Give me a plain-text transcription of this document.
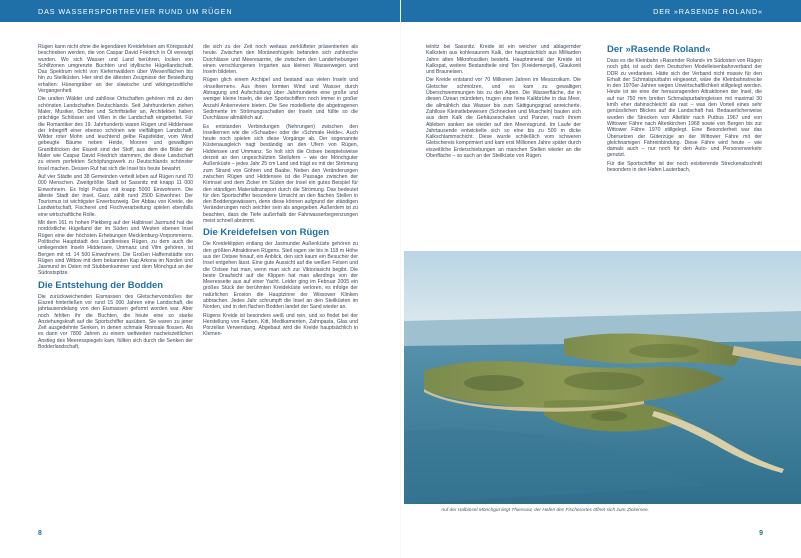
DAS WASSERSPORTREVIER RUND UM RÜGEN

Rügen kann nicht ohne die legendären Kreidefelsen am Königsstuhl beschrieben werden, die von Caspar David Friedrich in Öl verewigt wurden. Wo sich Wasser und Land berühren, locken von Schilfzonen umgrenzte Buchten und idyllische Hügellandschaft. Das Spektrum reicht von Kiefernwäldern über Wiesenflächen bis hin zu Steilküsten. Hier sind die ältesten Zeugnisse der Besiedlung erhalten: Hünengräber an der slawische und wikingerzeitliche Vergangenheit.

Die uralten Wälder und zahllose Ortschaften gehören mit zu den schönsten Landschaften Deutschlands. Seit Jahrhunderten ziehen Maler, Musiker, Dichter und Schriftsteller an, Architekten haben prächtige Schlösser und Villen in die Landschaft eingebettet. Für die Romantiker des 19. Jahrhunderts waren Rügen und Hiddensee der Inbegriff einer ebenso schönen wie vielfältigen Landschaft. Wilder roter Mohn und leuchtend gelbe Rapsfelder, vom Wind gebeugte Bäume neben Heide, Mooren und gewaltigen Granitblöcken der Eiszeit sind der Stoff, aus dem die Bilder der Maler wie Caspar David Friedrich stammen, die diese Landschaft zu einem perfekten Schöpfungswerk zu Deutschlands schönster Insel machen. Dessen Ruf hat sich die Insel bis heute bewahrt.

Auf vier Städte und 38 Gemeinden verteilt leben auf Rügen rund 70 000 Menschen. Zweitgrößte Stadt ist Sassnitz mit knapp 11 000 Einwohnern. Es folgt Putbus mit knapp 5000 Einwohnern. Die älteste Stadt der Insel, Garz, zählt rund 2500 Einwohner. Der Tourismus ist wichtigster Erwerbszweig. Der Abbau von Kreide, die Landwirtschaft, Fischerei und Fischverarbeitung spielen ebenfalls eine wirtschaftliche Rolle.

Mit dem 161 m hohen Piekberg auf der Halbinsel Jasmund hat die nordöstliche Hügelland der im Süden und Westen ebenen Insel Rügen eine der höchsten Erhebungen Mecklenburg-Vorpommerns. Politische Hauptstadt des Landkreises Rügen, zu dem auch die umliegenden Inseln Hiddensee, Ummanz und Vilm gehören, ist Bergen mit rd. 14 500 Einwohnern. Die Großen Haffemstädte von Rügen sind Wittow mit dem bekannten Kap Arkona im Norden und Jasmund im Osten mit Stubbenkammer und dem Mönchgut an der Südostspitze.

Die Entstehung der Bodden

Die zurückweichenden Eismassen des Gletschervorstoßes der Eiszeit hinterließen vor rund 15 000 Jahren eine Landschaft, die jahrtausendelang von den Eismassen geformt worden war. Aber noch fehlten ihr die Buchten, die heute eine so starke Anziehungskraft auf die Sportschiffer ausüben. Sie waren zu jener Zeit ausgedehnte Senken, in denen schmale Rinnsale flossen. Als es dann vor 7800 Jahren zu einem weltweiten nacheiszeitlichen Anstieg des Meeresspiegels kam, füllten sich durch die Senken der Bodderlandschaft,

die sich zu der Zeit noch weitaus zerklüfteter präsentierten als heute. Zwischen den Moränenhügeln befanden sich zahlreiche Durchlässe und Meeresarme, die zwischen den Landerhebungen einen verschlungenen Irrgarten aus kleinen Wasserwegen und Inseln bildeten.

Rügen glich einem Archipel und bestand aus vielen Inseln und »Inselkernen«. Aus ihnen formten Wind und Wasser durch Abtragung und Aufschüttung über Jahrhunderte eine große und weniger kleine Inseln, die den Sportschiffern noch immer in großer Anzahl Ankerreviere bieten. Die See modellierte die abgetragenen Sedimente im Strömungsschatten der Inseln und füllte so die Durchlässe allmählich auf.

Es entstanden Verbindungen (Nehrungen) zwischen den Inselkernen wie die »Schaabe« oder die »Schmale Heide«. Auch heute noch spielen sich diese Vorgänge ab. Der sogenannte Küstenausgleich nagt beständig an den Ufern von Rügen, Hiddensee und Ummanz. So holt sich die Ostsee beispielsweise derzeit an den ungeschützten Steilufern – wie der Mönchguter Außenküste – jedes Jahr 25 cm Land und trägt es mit der Strömung zum Strand von Göhren und Baabe. Neben den Veränderungen zwischen Rügen und Hiddensee ist die Passage zwischen der Kirrinsel und dem Zicker im Süden der Insel ein gutes Beispiel für den ständigen Materialtransport durch die Strömung. Das bedeutet für den Sportschiffer besondere Umsicht an den flachen Stellen in den Boddengewässern, denn diese können aufgrund der ständigen Veränderungen noch seichter sein als angegeben. Außerdem ist zu beachten, dass die Tiefe außerhalb der Fahrwasserbegrenzungen meist schnell abnimmt.

Die Kreidefelsen von Rügen

Die Kreideklippen entlang der Jasmunder Außenküste gehören zu den größten Attraktionen Rügens. Steil ragen sie bis in 118 m Höhe aus der Ostsee hinauf, ein Anblick, den sich kaum ein Besucher der Insel entgehen lässt. Eine gute Aussicht auf die weißen Felsen und die Ostsee hat man, wenn man sich zur Viktoriasicht begibt. Die beste Draufsicht auf die Klippen hat man allerdings von der Meeresseite aus auf einer Yacht. Leider ging im Februar 2005 ein großes Stück der berühmten Kreideküste verloren, es infolge der natürlichen Erosion die Hauptzinne der Wissower Klinken abbrachen. Jedes Jahr schrumpft die Insel an den Steilküsten im Norden, und in den flachen Bodden landet der Sand wieder an.

Rügens Kreide ist besonders weiß und rein, und so findet bei der Herstellung von Farben, Kitt, Medikamenten, Zahnpasta, Glas und Porzellan Verwendung. Abgebaut wird die Kreide hauptsächlich in Klemen-

8
DER »RASENDE ROLAND«

telnitz bei Sassnitz. Kreide ist ein weicher und ablagernder Kalkstein aus kohlesaurem Kalk, der hauptsächlich aus Milliarden Jahre alten Mikrofossilien besteht. Hauptmineral der Kreide ist Kalkspat, weitere Bestandteile sind Ton (Kreidemergel), Glaukonit und Brauneisen.

Die Kreide entstand vor 70 Millionen Jahren im Mesozoikum. Die Gletscher schmolzen, und es kam zu gewaltigen Überschwemmungen bis zu den Alpen. Die Wasserfläche, die in diesen Ozean mündeten, trugen eine feine Kalkbrühe in das Meer, die allmählich das Wasser bis zum Sättigungsgrad anreicherte. Zahllose Kleinstlebewesen (Schnecken und Muscheln) bauten sich aus dem Kalk die Gehäuseschalen und Panzer, nach ihrem Ableben sanken sie wieder auf den Meeresgrund. Im Laufe der Jahrtausende entwickelte sich so eine bis zu 500 m dicke Kalkschlammschicht. Diese wurde schließlich vom schweren Gletschereis komprimiert und kam erst Millionen Jahre später durch eiszeitliche Erderschiebungen an manchen Stellen wieder an die Oberfläche – so auch an der Steilküste von Rügen.

Der »Rasende Roland«

Dass es die Kleinbahn »Rasender Roland« im Südosten von Rügen noch gibt, ist auch dem Deutschen Modelleisenbahnverband der DDR zu verdanken. Hätte sich der Verband nicht massiv für den Erhalt der Schmalspurbahn eingesetzt, wäre die Kleinbahnstrecke in den 1970er-Jahren wegen Unwirtschaftlichkeit stillgelegt worden. Heute ist sie eine der herausragenden Attraktionen der Insel, die auf nur 750 mm breiten Schmalspurbahngleisen mit maximal 30 km/h eher dahinschleicht als rast – was den Vorteil eines sehr genüsslichen Blickes auf die Landschaft hat. Bedauerlicherweise wurden die Strecken von Altefähr nach Putbus 1967 und von Wittower Fähre nach Altenkirchen 1968 sowie von Bergen bis zur Wittower Fähre 1970 stillgelegt. Eine Besonderheit war das Übersetzen der Güterzüge an der Wittower Fähre mit der gleichnamigen Fähreinbindung. Diese Fähre wird heute – wie damals auch – nur noch für den Auto- und Personenverkehr genutzt.

Für die Sportschiffer ist der noch existierende Streckenabschnitt besonders in den Hafen Lauterbach,

Auf der Halbinsel Mönchgut liegt Thiessow, der Hafen des Fischerortes öffnet sich zum Zickersee.
9
